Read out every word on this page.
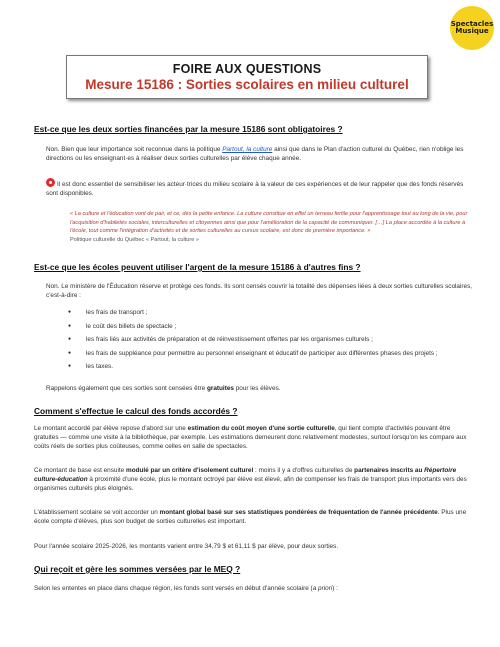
Spectacles
Musique
FOIRE AUX QUESTIONS
Mesure 15186 : Sorties scolaires en milieu culturel
Est-ce que les deux sorties financées par la mesure 15186 sont obligatoires ?

Non. Bien que leur importance soit reconnue dans la politique Partout, la culture ainsi que dans le Plan d'action culturel du Québec, rien n'oblige les directions ou les enseignant·es à réaliser deux sorties culturelles par élève chaque année.

Il est donc essentiel de sensibiliser les acteur·trices du milieu scolaire à la valeur de ces expériences et de leur rappeler que des fonds réservés sont disponibles.

« La culture et l'éducation vont de pair, et ce, dès la petite enfance. La culture constitue en effet un terreau fertile pour l'apprentissage tout au long de la vie, pour l'acquisition d'habiletés sociales, interculturelles et citoyennes ainsi que pour l'amélioration de la capacité de communiquer. […] La place accordée à la culture à l'école, tout comme l'intégration d'activités et de sorties culturelles au cursus scolaire, est donc de première importance. »
Politique culturelle du Québec « Partout, la culture »
Est-ce que les écoles peuvent utiliser l'argent de la mesure 15186 à d'autres fins ?

Non. Le ministère de l'Éducation réserve et protège ces fonds. Ils sont censés couvrir la totalité des dépenses liées à deux sorties culturelles scolaires, c'est-à-dire :

● les frais de transport ;
● le coût des billets de spectacle ;
● les frais liés aux activités de préparation et de réinvestissement offertes par les organismes culturels ;
● les frais de suppléance pour permettre au personnel enseignant et éducatif de participer aux différentes phases des projets ;
● les taxes.

Rappelons également que ces sorties sont censées être gratuites pour les élèves.

Comment s'effectue le calcul des fonds accordés ?

Le montant accordé par élève repose d'abord sur une estimation du coût moyen d'une sortie culturelle, qui tient compte d'activités pouvant être gratuites — comme une visite à la bibliothèque, par exemple. Les estimations demeurent donc relativement modestes, surtout lorsqu'on les compare aux coûts réels de sorties plus coûteuses, comme celles en salle de spectacles.

Ce montant de base est ensuite modulé par un critère d'isolement culturel : moins il y a d'offres culturelles de partenaires inscrits au Répertoire culture-éducation à proximité d'une école, plus le montant octroyé par élève est élevé, afin de compenser les frais de transport plus importants vers des organismes culturels plus éloignés.

L'établissement scolaire se voit accorder un montant global basé sur ses statistiques pondérées de fréquentation de l'année précédente. Plus une école compte d'élèves, plus son budget de sorties culturelles est important.

Pour l'année scolaire 2025-2026, les montants varient entre 34,79 $ et 61,11 $ par élève, pour deux sorties.

Qui reçoit et gère les sommes versées par le MEQ ?

Selon les ententes en place dans chaque région, les fonds sont versés en début d'année scolaire (a priori) :
